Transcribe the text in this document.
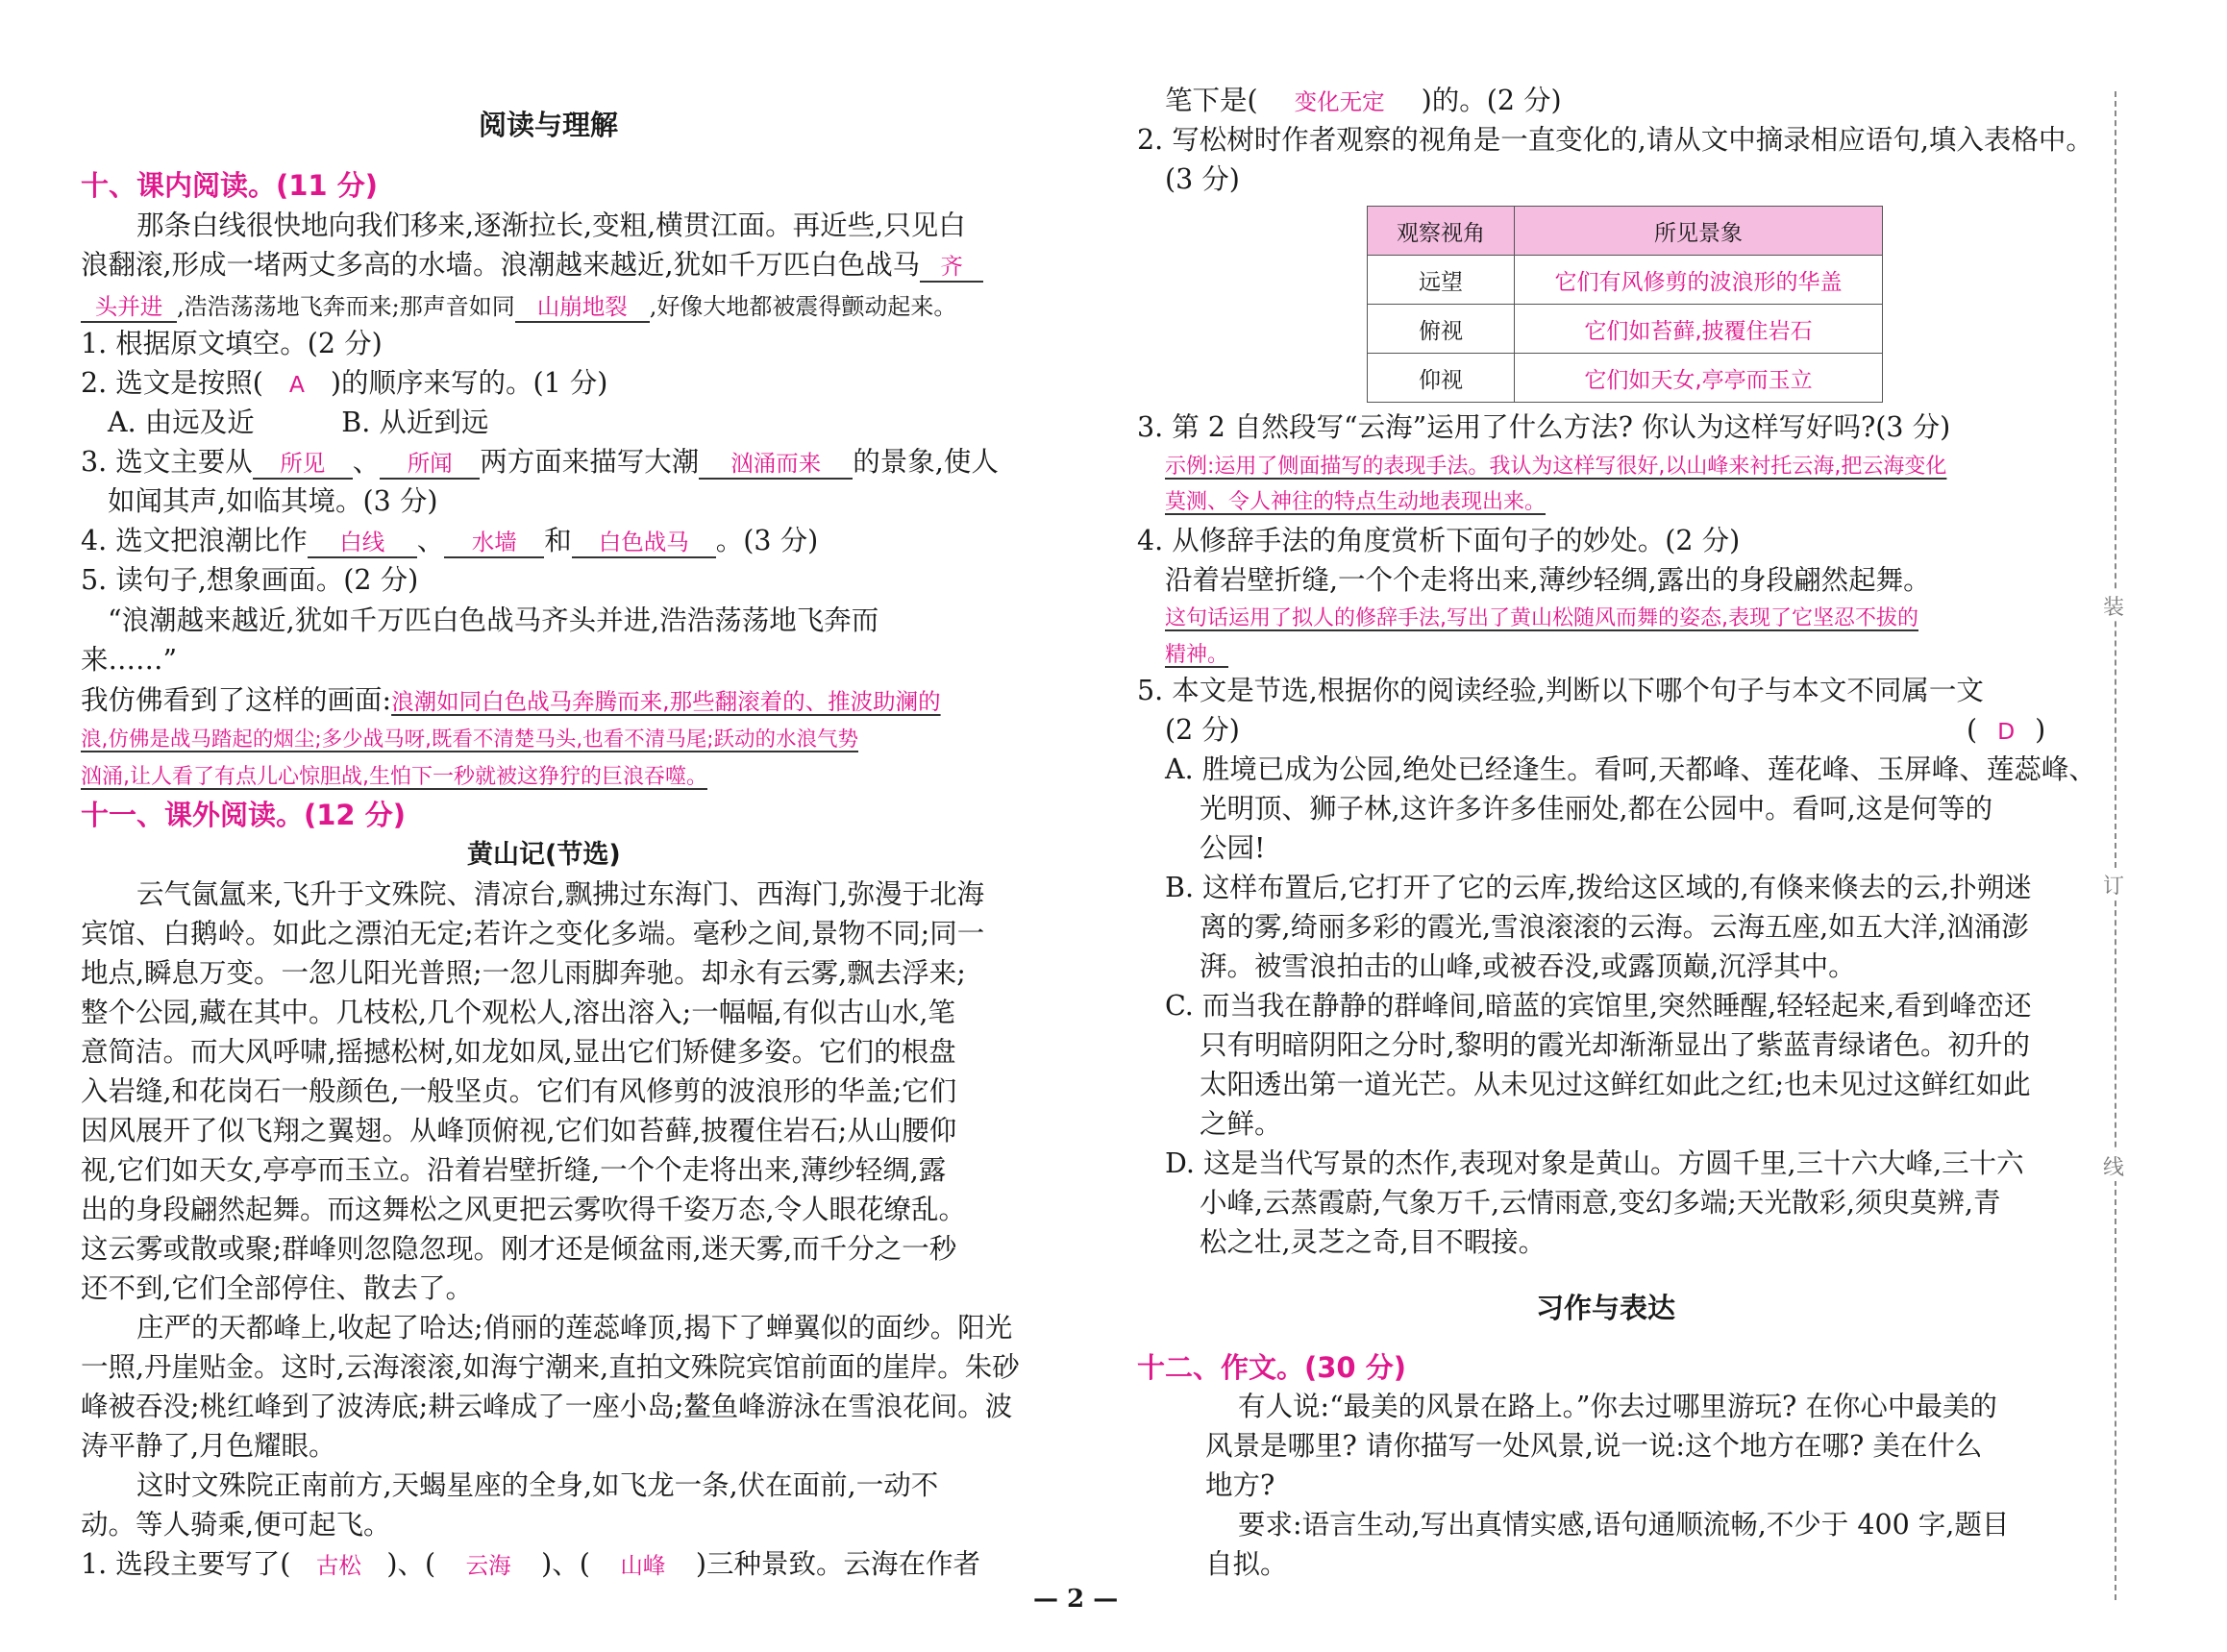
阅读与理解
十、课内阅读。(11 分)
那条白线很快地向我们移来,逐渐拉长,变粗,横贯江面。再近些,只见白
浪翻滚,形成一堵两丈多高的水墙。浪潮越来越近,犹如千万匹白色战马 齐
头并进 ,浩浩荡荡地飞奔而来;那声音如同 山崩地裂 ,好像大地都被震得颤动起来。
1. 根据原文填空。(2 分)
2. 选文是按照( A )的顺序来写的。(1 分)
A. 由远及近          B. 从近到远
3. 选文主要从 所见 、 所闻 两方面来描写大潮 汹涌而来 的景象,使人
如闻其声,如临其境。(3 分)
4. 选文把浪潮比作 白线 、 水墙 和 白色战马 。(3 分)
5. 读句子,想象画面。(2 分)
“浪潮越来越近,犹如千万匹白色战马齐头并进,浩浩荡荡地飞奔而
来……”
我仿佛看到了这样的画面:浪潮如同白色战马奔腾而来,那些翻滚着的、推波助澜的
浪,仿佛是战马踏起的烟尘;多少战马呀,既看不清楚马头,也看不清马尾;跃动的水浪气势
汹涌,让人看了有点儿心惊胆战,生怕下一秒就被这狰狞的巨浪吞噬。
十一、课外阅读。(12 分)
黄山记(节选)
云气氤氲来,飞升于文殊院、清凉台,飘拂过东海门、西海门,弥漫于北海
宾馆、白鹅岭。如此之漂泊无定;若许之变化多端。毫秒之间,景物不同;同一
地点,瞬息万变。一忽儿阳光普照;一忽儿雨脚奔驰。却永有云雾,飘去浮来;
整个公园,藏在其中。几枝松,几个观松人,溶出溶入;一幅幅,有似古山水,笔
意简洁。而大风呼啸,摇撼松树,如龙如凤,显出它们矫健多姿。它们的根盘
入岩缝,和花岗石一般颜色,一般坚贞。它们有风修剪的波浪形的华盖;它们
因风展开了似飞翔之翼翅。从峰顶俯视,它们如苔藓,披覆住岩石;从山腰仰
视,它们如天女,亭亭而玉立。沿着岩壁折缝,一个个走将出来,薄纱轻绸,露
出的身段翩然起舞。而这舞松之风更把云雾吹得千姿万态,令人眼花缭乱。
这云雾或散或聚;群峰则忽隐忽现。刚才还是倾盆雨,迷天雾,而千分之一秒
还不到,它们全部停住、散去了。
庄严的天都峰上,收起了哈达;俏丽的莲蕊峰顶,揭下了蝉翼似的面纱。阳光
一照,丹崖贴金。这时,云海滚滚,如海宁潮来,直拍文殊院宾馆前面的崖岸。朱砂
峰被吞没;桃红峰到了波涛底;耕云峰成了一座小岛;鳌鱼峰游泳在雪浪花间。波
涛平静了,月色耀眼。
这时文殊院正南前方,天蝎星座的全身,如飞龙一条,伏在面前,一动不
动。等人骑乘,便可起飞。
1. 选段主要写了( 古松 )、( 云海 )、( 山峰 )三种景致。云海在作者
— 2 —
笔下是( 变化无定 )的。(2 分)
2. 写松树时作者观察的视角是一直变化的,请从文中摘录相应语句,填入表格中。
(3 分)
观察视角	所见景象
远望	它们有风修剪的波浪形的华盖
俯视	它们如苔藓,披覆住岩石
仰视	它们如天女,亭亭而玉立
3. 第 2 自然段写“云海”运用了什么方法? 你认为这样写好吗?(3 分)
示例:运用了侧面描写的表现手法。我认为这样写很好,以山峰来衬托云海,把云海变化
莫测、令人神往的特点生动地表现出来。
4. 从修辞手法的角度赏析下面句子的妙处。(2 分)
沿着岩壁折缝,一个个走将出来,薄纱轻绸,露出的身段翩然起舞。
这句话运用了拟人的修辞手法,写出了黄山松随风而舞的姿态,表现了它坚忍不拔的
精神。
5. 本文是节选,根据你的阅读经验,判断以下哪个句子与本文不同属一文
(2 分)	( D )
A. 胜境已成为公园,绝处已经逢生。看呵,天都峰、莲花峰、玉屏峰、莲蕊峰、
光明顶、狮子林,这许多许多佳丽处,都在公园中。看呵,这是何等的
公园!
B. 这样布置后,它打开了它的云库,拨给这区域的,有倏来倏去的云,扑朔迷
离的雾,绮丽多彩的霞光,雪浪滚滚的云海。云海五座,如五大洋,汹涌澎
湃。被雪浪拍击的山峰,或被吞没,或露顶巅,沉浮其中。
C. 而当我在静静的群峰间,暗蓝的宾馆里,突然睡醒,轻轻起来,看到峰峦还
只有明暗阴阳之分时,黎明的霞光却渐渐显出了紫蓝青绿诸色。初升的
太阳透出第一道光芒。从未见过这鲜红如此之红;也未见过这鲜红如此
之鲜。
D. 这是当代写景的杰作,表现对象是黄山。方圆千里,三十六大峰,三十六
小峰,云蒸霞蔚,气象万千,云情雨意,变幻多端;天光散彩,须臾莫辨,青
松之壮,灵芝之奇,目不暇接。
习作与表达
十二、作文。(30 分)
有人说:“最美的风景在路上。”你去过哪里游玩? 在你心中最美的
风景是哪里? 请你描写一处风景,说一说:这个地方在哪? 美在什么
地方?
要求:语言生动,写出真情实感,语句通顺流畅,不少于 400 字,题目
自拟。
装
订
线
